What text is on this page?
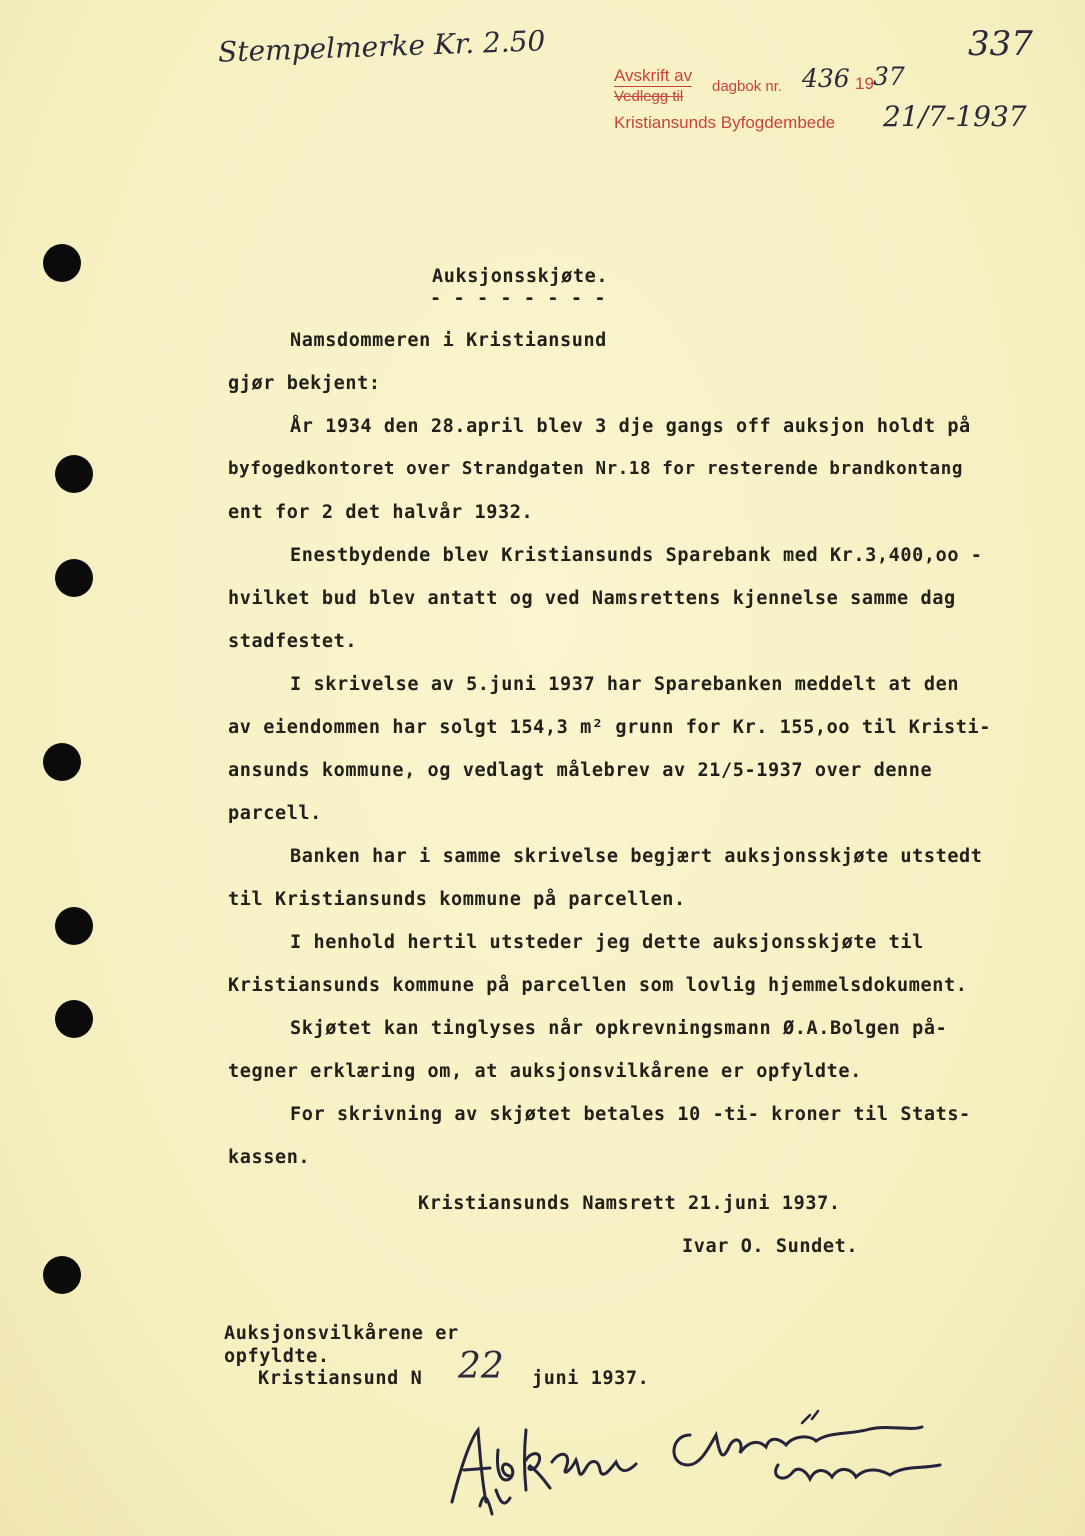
Stempelmerke Kr. 2.50	337
Avskrift av
dagbok nr. 436 19 37
Vedlegg til
Kristiansunds Byfogdembede 21/7-1937
Auksjonsskjøte.
- - - - - - - -
Namsdommeren i Kristiansund
gjør bekjent:
År 1934 den 28.april blev 3 dje gangs off auksjon holdt på
byfogedkontoret over Strandgaten Nr.18 for resterende brandkontang
ent for 2 det halvår 1932.
Enestbydende blev Kristiansunds Sparebank med Kr.3,400,oo -
hvilket bud blev antatt og ved Namsrettens kjennelse samme dag
stadfestet.
I skrivelse av 5.juni 1937 har Sparebanken meddelt at den
av eiendommen har solgt 154,3 m² grunn for Kr. 155,oo til Kristi-
ansunds kommune, og vedlagt målebrev av 21/5-1937 over denne
parcell.
Banken har i samme skrivelse begjært auksjonsskjøte utstedt
til Kristiansunds kommune på parcellen.
I henhold hertil utsteder jeg dette auksjonsskjøte til
Kristiansunds kommune på parcellen som lovlig hjemmelsdokument.
Skjøtet kan tinglyses når opkrevningsmann Ø.A.Bolgen på-
tegner erklæring om, at auksjonsvilkårene er opfyldte.
For skrivning av skjøtet betales 10 -ti- kroner til Stats-
kassen.
Kristiansunds Namsrett 21.juni 1937.
Ivar O. Sundet.
Auksjonsvilkårene er
opfyldte.
Kristiansund N 22 juni 1937.
